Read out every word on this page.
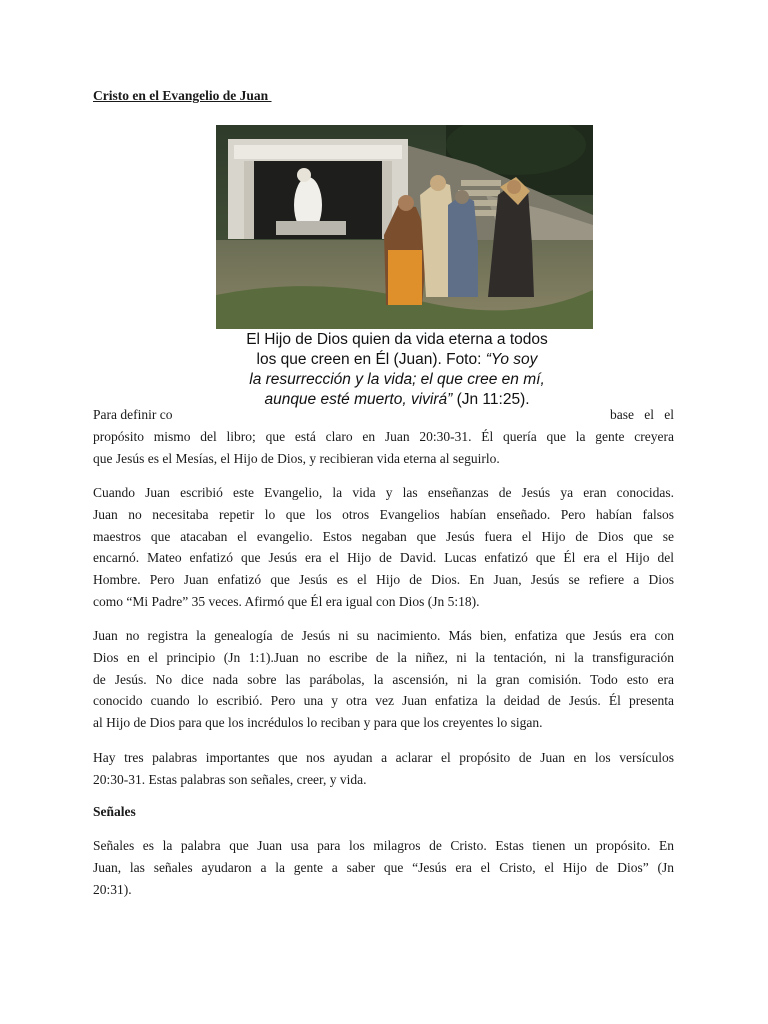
Cristo en el Evangelio de Juan
El Hijo de Dios quien da vida eterna a todos
los que creen en Él (Juan). Foto: “Yo soy
la resurrección y la vida; el que cree en mí,
aunque esté muerto, vivirá” (Jn 11:25).
Para definir co	base el el
propósito mismo del libro; que está claro en Juan 20:30-31. Él quería que la gente creyera
que Jesús es el Mesías, el Hijo de Dios, y recibieran vida eterna al seguirlo.
Cuando Juan escribió este Evangelio, la vida y las enseñanzas de Jesús ya eran conocidas.
Juan no necesitaba repetir lo que los otros Evangelios habían enseñado. Pero habían falsos
maestros que atacaban el evangelio. Estos negaban que Jesús fuera el Hijo de Dios que se
encarnó. Mateo enfatizó que Jesús era el Hijo de David. Lucas enfatizó que Él era el Hijo del
Hombre. Pero Juan enfatizó que Jesús es el Hijo de Dios. En Juan, Jesús se refiere a Dios
como “Mi Padre” 35 veces. Afirmó que Él era igual con Dios (Jn 5:18).
Juan no registra la genealogía de Jesús ni su nacimiento. Más bien, enfatiza que Jesús era con
Dios en el principio (Jn 1:1).Juan no escribe de la niñez, ni la tentación, ni la transfiguración
de Jesús. No dice nada sobre las parábolas, la ascensión, ni la gran comisión. Todo esto era
conocido cuando lo escribió. Pero una y otra vez Juan enfatiza la deidad de Jesús. Él presenta
al Hijo de Dios para que los incrédulos lo reciban y para que los creyentes lo sigan.
Hay tres palabras importantes que nos ayudan a aclarar el propósito de Juan en los versículos
20:30-31. Estas palabras son señales, creer, y vida.
Señales
Señales es la palabra que Juan usa para los milagros de Cristo. Estas tienen un propósito. En
Juan, las señales ayudaron a la gente a saber que “Jesús era el Cristo, el Hijo de Dios” (Jn
20:31).
